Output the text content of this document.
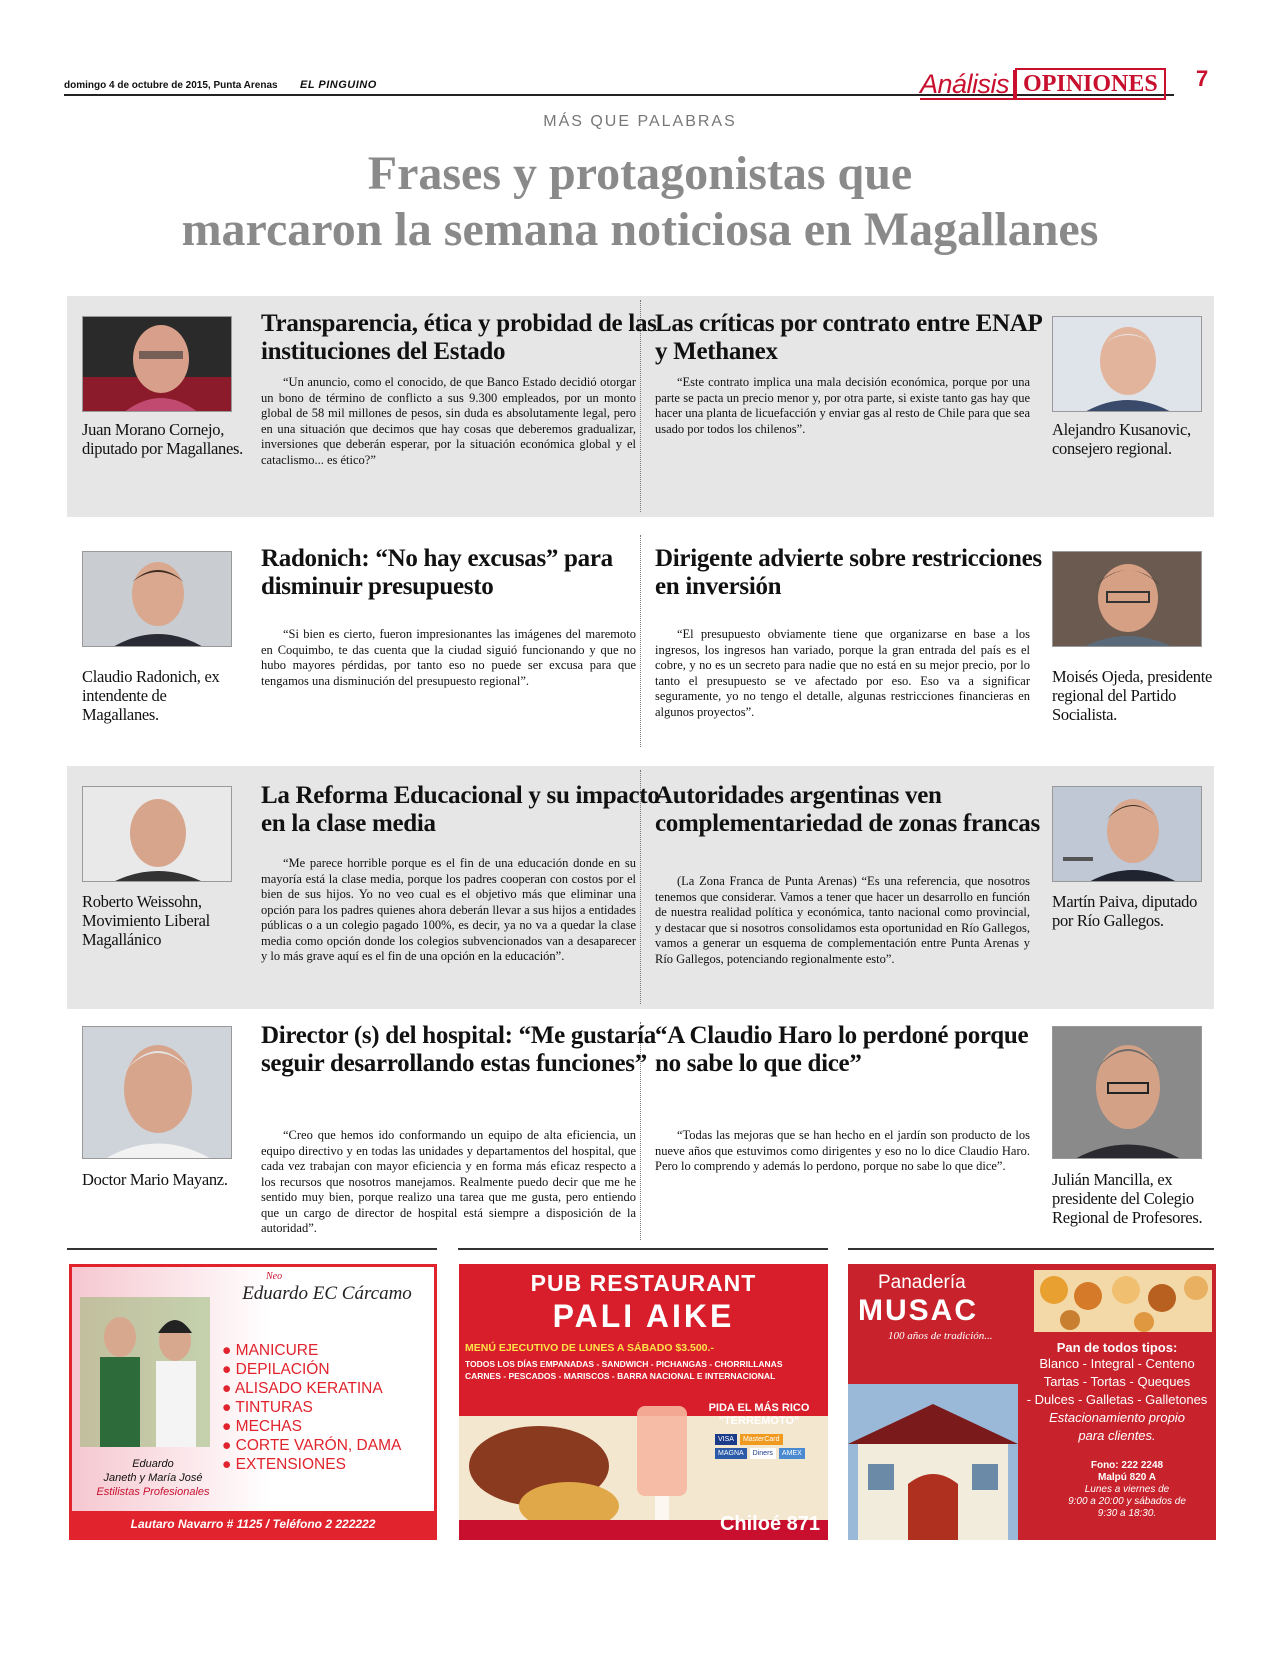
domingo 4 de octubre de 2015, Punta Arenas EL PINGUINO	Análisis OPINIONES	7
MÁS QUE PALABRAS
Frases y protagonistas que
marcaron la semana noticiosa en Magallanes
Juan Morano Cornejo, diputado por Magallanes.
Transparencia, ética y probidad de las instituciones del Estado
“Un anuncio, como el conocido, de que Banco Estado decidió otorgar un bono de término de conflicto a sus 9.300 empleados, por un monto global de 58 mil millones de pesos, sin duda es absolutamente legal, pero en una situación que decimos que hay cosas que deberemos gradualizar, inversiones que deberán esperar, por la situación económica global y el cataclismo... es ético?”
Las críticas por contrato entre ENAP y Methanex
“Este contrato implica una mala decisión económica, porque por una parte se pacta un precio menor y, por otra parte, si existe tanto gas hay que hacer una planta de licuefacción y enviar gas al resto de Chile para que sea usado por todos los chilenos”.	Alejandro Kusanovic, consejero regional.
Claudio Radonich, ex intendente de Magallanes.
Radonich: “No hay excusas” para disminuir presupuesto
“Si bien es cierto, fueron impresionantes las imágenes del maremoto en Coquimbo, te das cuenta que la ciudad siguió funcionando y que no hubo mayores pérdidas, por tanto eso no puede ser excusa para que tengamos una disminución del presupuesto regional”.
Dirigente advierte sobre restricciones en inversión
“El presupuesto obviamente tiene que organizarse en base a los ingresos, los ingresos han variado, porque la gran entrada del país es el cobre, y no es un secreto para nadie que no está en su mejor precio, por lo tanto el presupuesto se ve afectado por eso. Eso va a significar seguramente, yo no tengo el detalle, algunas restricciones financieras en algunos proyectos”.
Moisés Ojeda, presidente regional del Partido Socialista.
Roberto Weissohn, Movimiento Liberal Magallánico
La Reforma Educacional y su impacto en la clase media
“Me parece horrible porque es el fin de una educación donde en su mayoría está la clase media, porque los padres cooperan con costos por el bien de sus hijos. Yo no veo cual es el objetivo más que eliminar una opción para los padres quienes ahora deberán llevar a sus hijos a entidades públicas o a un colegio pagado 100%, es decir, ya no va a quedar la clase media como opción donde los colegios subvencionados van a desaparecer y lo más grave aquí es el fin de una opción en la educación”.
Autoridades argentinas ven complementariedad de zonas francas
(La Zona Franca de Punta Arenas) “Es una referencia, que nosotros tenemos que considerar. Vamos a tener que hacer un desarrollo en función de nuestra realidad política y económica, tanto nacional como provincial, y destacar que si nosotros consolidamos esta oportunidad en Río Gallegos, vamos a generar un esquema de complementación entre Punta Arenas y Río Gallegos, potenciando regionalmente esto”.
Martín Paiva, diputado por Río Gallegos.
Doctor Mario Mayanz.
Director (s) del hospital: “Me gustaría seguir desarrollando estas funciones”
“Creo que hemos ido conformando un equipo de alta eficiencia, un equipo directivo y en todas las unidades y departamentos del hospital, que cada vez trabajan con mayor eficiencia y en forma más eficaz respecto a los recursos que nosotros manejamos. Realmente puedo decir que me he sentido muy bien, porque realizo una tarea que me gusta, pero entiendo que un cargo de director de hospital está siempre a disposición de la autoridad”.
“A Claudio Haro lo perdoné porque no sabe lo que dice”
“Todas las mejoras que se han hecho en el jardín son producto de los nueve años que estuvimos como dirigentes y eso no lo dice Claudio Haro. Pero lo comprendo y además lo perdono, porque no sabe lo que dice”.
Julián Mancilla, ex presidente del Colegio Regional de Profesores.
Neo
Eduardo EC Cárcamo
● MANICURE
● DEPILACIÓN
● ALISADO KERATINA
● TINTURAS
● MECHAS
● CORTE VARÓN, DAMA
● EXTENSIONES
Eduardo
Janeth y María José
Estilistas Profesionales
Lautaro Navarro # 1125 / Teléfono 2 222222
PUB RESTAURANT
PALI AIKE
MENÚ EJECUTIVO DE LUNES A SÁBADO $3.500.-
TODOS LOS DÍAS EMPANADAS - SANDWICH - PICHANGAS - CHORRILLANAS
CARNES - PESCADOS - MARISCOS - BARRA NACIONAL E INTERNACIONAL
PIDA EL MÁS RICO
"TERREMOTO"
VISA	MasterCard
MAGNA	Diners	AMEX
Chiloé 871
Panadería
MUSAC
100 años de tradición...
Pan de todos tipos:
Blanco - Integral - Centeno
Tartas - Tortas - Queques
- Dulces - Galletas - Galletones
Estacionamiento propio
para clientes.
Fono: 222 2248
Malpú 820 A
Lunes a viernes de
9:00 a 20:00 y sábados de
9:30 a 18:30.
